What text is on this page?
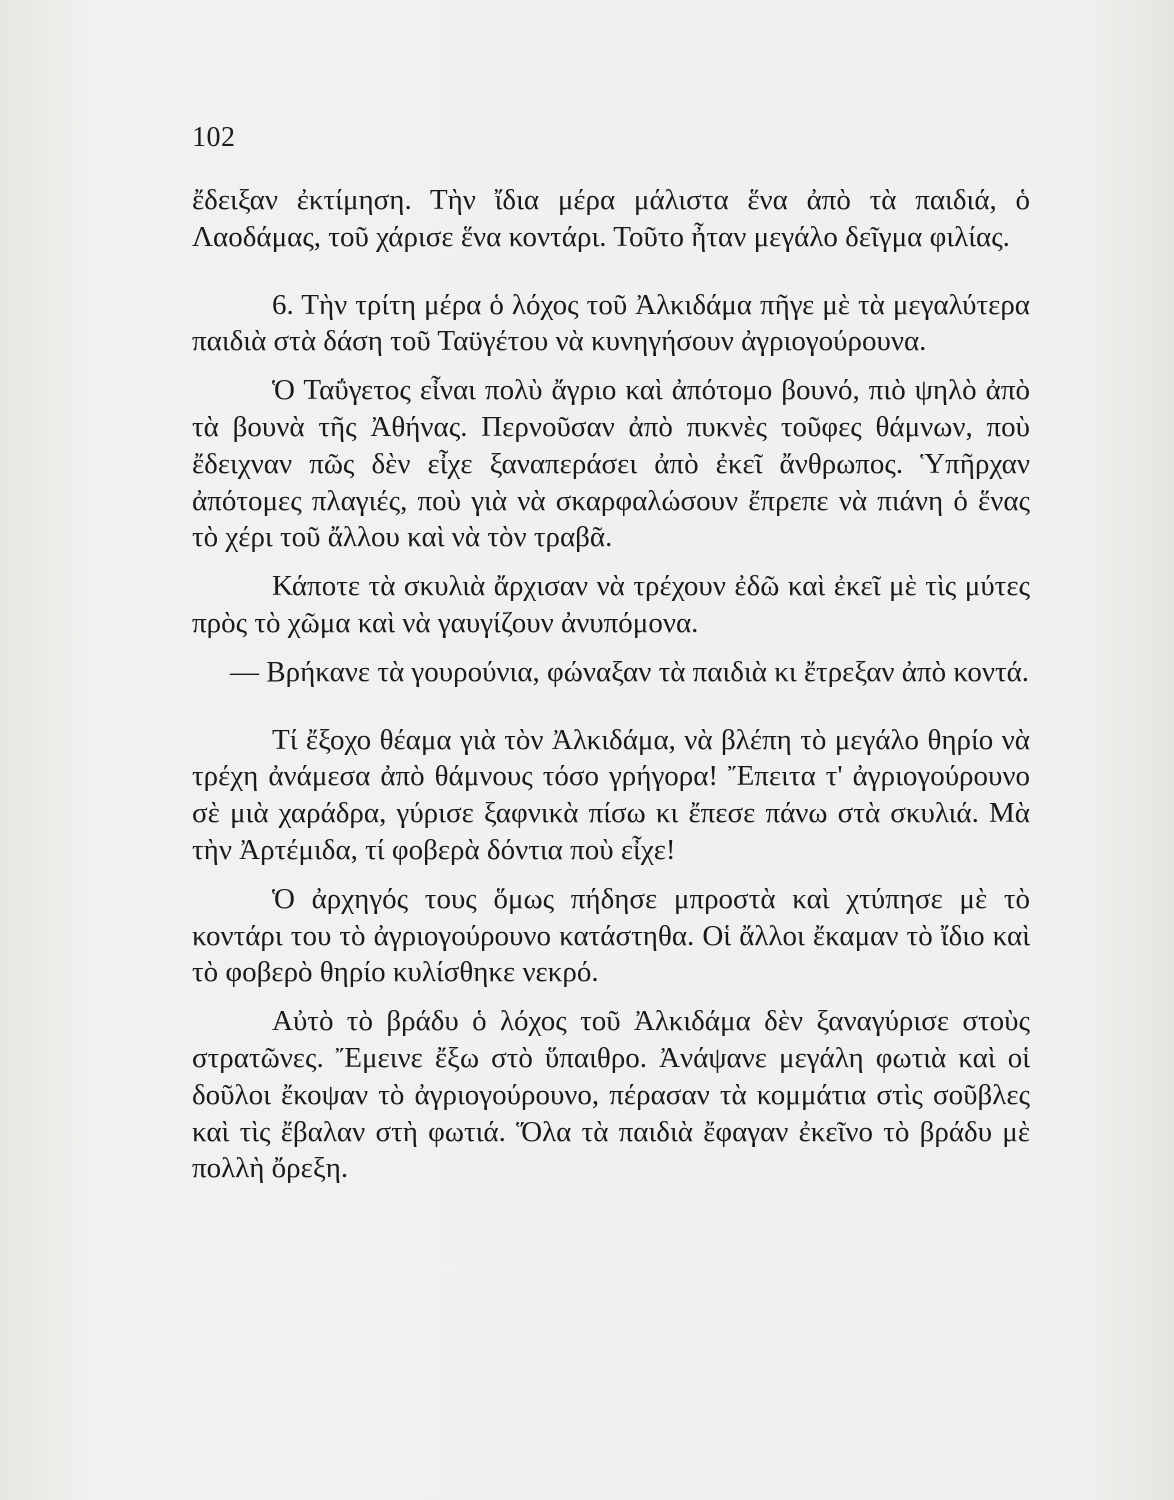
102

ἔδειξαν ἐκτίμηση. Τὴν ἴδια μέρα μάλιστα ἕνα ἀπὸ τὰ παιδιά, ὁ Λαοδάμας, τοῦ χάρισε ἕνα κοντάρι. Τοῦτο ἦταν μεγάλο δεῖγμα φιλίας.

6. Τὴν τρίτη μέρα ὁ λόχος τοῦ Ἀλκιδάμα πῆγε μὲ τὰ μεγαλύτερα παιδιὰ στὰ δάση τοῦ Ταϋγέτου νὰ κυνηγήσουν ἀγριογούρουνα.

Ὁ Ταΰγετος εἶναι πολὺ ἄγριο καὶ ἀπότομο βουνό, πιὸ ψηλὸ ἀπὸ τὰ βουνὰ τῆς Ἀθήνας. Περνοῦσαν ἀπὸ πυκνὲς τοῦφες θάμνων, ποὺ ἔδειχναν πῶς δὲν εἶχε ξαναπεράσει ἀπὸ ἐκεῖ ἄνθρωπος. Ὑπῆρχαν ἀπότομες πλαγιές, ποὺ γιὰ νὰ σκαρφαλώσουν ἔπρεπε νὰ πιάνη ὁ ἕνας τὸ χέρι τοῦ ἄλλου καὶ νὰ τὸν τραβᾶ.

Κάποτε τὰ σκυλιὰ ἄρχισαν νὰ τρέχουν ἐδῶ καὶ ἐκεῖ μὲ τὶς μύτες πρὸς τὸ χῶμα καὶ νὰ γαυγίζουν ἀνυπόμονα.

— Βρήκανε τὰ γουρούνια, φώναξαν τὰ παιδιὰ κι ἔτρεξαν ἀπὸ κοντά.

Τί ἔξοχο θέαμα γιὰ τὸν Ἀλκιδάμα, νὰ βλέπη τὸ μεγάλο θηρίο νὰ τρέχη ἀνάμεσα ἀπὸ θάμνους τόσο γρήγορα! Ἔπειτα τ' ἀγριογούρουνο σὲ μιὰ χαράδρα, γύρισε ξαφνικὰ πίσω κι ἔπεσε πάνω στὰ σκυλιά. Μὰ τὴν Ἀρτέμιδα, τί φοβερὰ δόντια ποὺ εἶχε!

Ὁ ἀρχηγός τους ὅμως πήδησε μπροστὰ καὶ χτύπησε μὲ τὸ κοντάρι του τὸ ἀγριογούρουνο κατάστηθα. Οἱ ἄλλοι ἔκαμαν τὸ ἴδιο καὶ τὸ φοβερὸ θηρίο κυλίσθηκε νεκρό.

Αὐτὸ τὸ βράδυ ὁ λόχος τοῦ Ἀλκιδάμα δὲν ξαναγύρισε στοὺς στρατῶνες. Ἔμεινε ἔξω στὸ ὕπαιθρο. Ἀνάψανε μεγάλη φωτιὰ καὶ οἱ δοῦλοι ἔκοψαν τὸ ἀγριογούρουνο, πέρασαν τὰ κομμάτια στὶς σοῦβλες καὶ τὶς ἔβαλαν στὴ φωτιά. Ὅλα τὰ παιδιὰ ἔφαγαν ἐκεῖνο τὸ βράδυ μὲ πολλὴ ὄρεξη.
